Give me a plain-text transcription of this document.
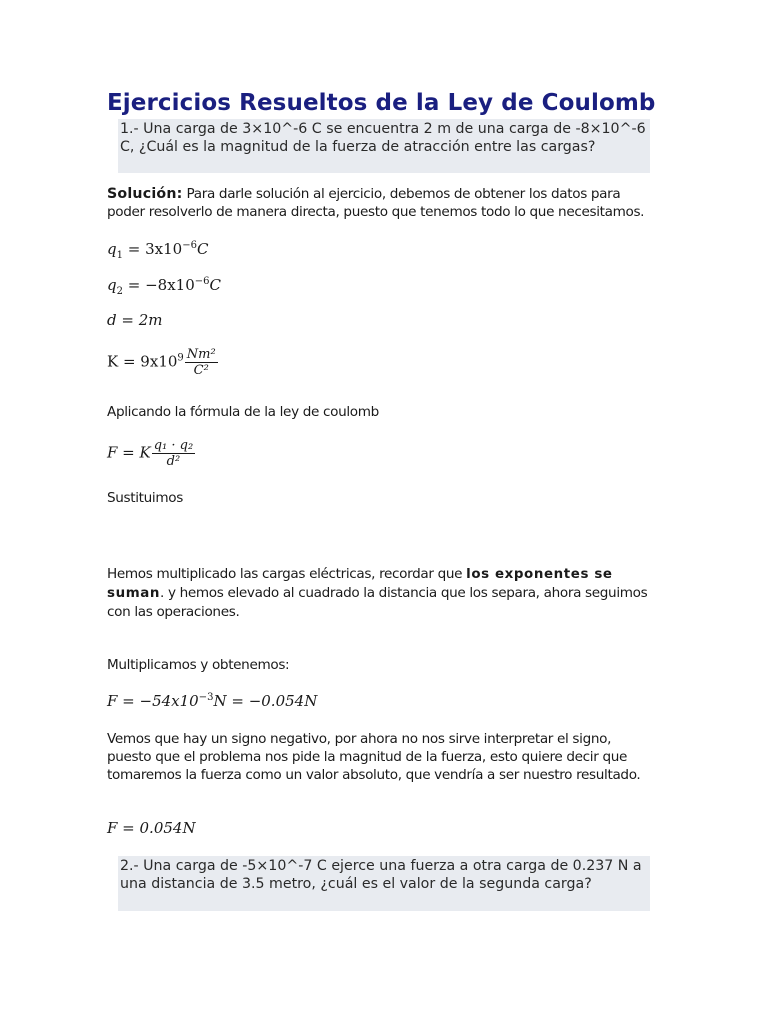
Ejercicios Resueltos de la Ley de Coulomb
1.- Una carga de 3×10^-6 C se encuentra 2 m de una carga de -8×10^-6 C, ¿Cuál es la magnitud de la fuerza de atracción entre las cargas?
Solución: Para darle solución al ejercicio, debemos de obtener los datos para poder resolverlo de manera directa, puesto que tenemos todo lo que necesitamos.
$q_1 = 3x10^{-6}C$
$q_2 = -8x10^{-6}C$
d = 2m
$K = 9x10^9 \frac{\text{Nm²}}{\text{C²}}$
Aplicando la fórmula de la ley de coulomb
F = K $\frac{\text{q₁ · q₂}}{\text{d²}}$
Sustituimos
Hemos multiplicado las cargas eléctricas, recordar que los exponentes se suman. y hemos elevado al cuadrado la distancia que los separa, ahora seguimos con las operaciones.
Multiplicamos y obtenemos:
$F = -54x10^{-3}N = -0.054N$
Vemos que hay un signo negativo, por ahora no nos sirve interpretar el signo, puesto que el problema nos pide la magnitud de la fuerza, esto quiere decir que tomaremos la fuerza como un valor absoluto, que vendría a ser nuestro resultado.
F = 0.054N
2.- Una carga de -5×10^-7 C ejerce una fuerza a otra carga de 0.237 N a una distancia de 3.5 metro, ¿cuál es el valor de la segunda carga?
